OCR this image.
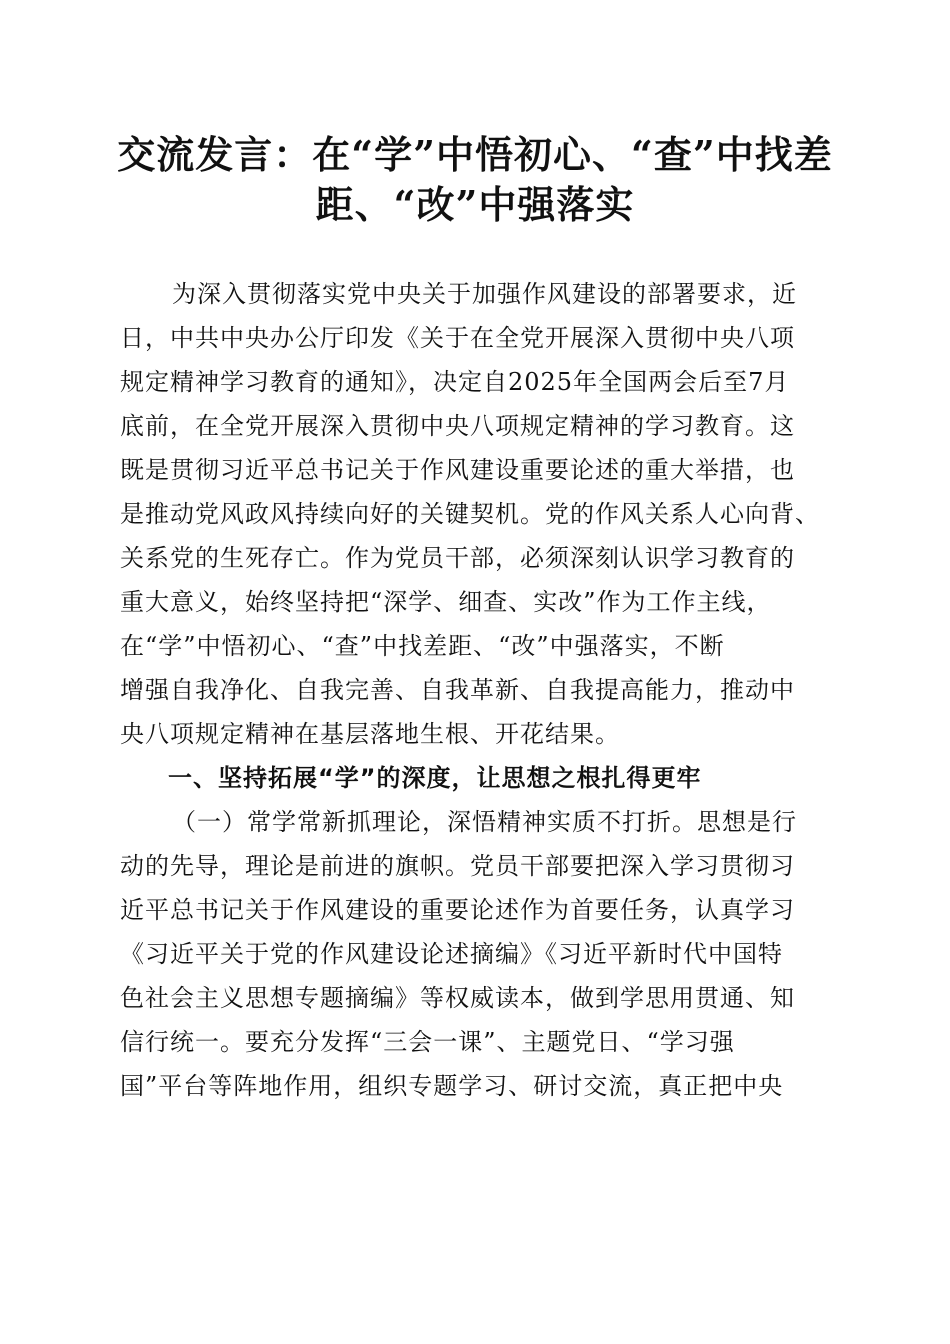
交流发言：在“学”中悟初心、“查”中找差
距、“改”中强落实
为深入贯彻落实党中央关于加强作风建设的部署要求，近
日，中共中央办公厅印发《关于在全党开展深入贯彻中央八项
规定精神学习教育的通知》，决定自2025年全国两会后至7月
底前，在全党开展深入贯彻中央八项规定精神的学习教育。这
既是贯彻习近平总书记关于作风建设重要论述的重大举措，也
是推动党风政风持续向好的关键契机。党的作风关系人心向背、
关系党的生死存亡。作为党员干部，必须深刻认识学习教育的
重大意义，始终坚持把“深学、细查、实改”作为工作主线，
在“学”中悟初心、“查”中找差距、“改”中强落实，不断
增强自我净化、自我完善、自我革新、自我提高能力，推动中
央八项规定精神在基层落地生根、开花结果。
一、坚持拓展“学”的深度，让思想之根扎得更牢
（一）常学常新抓理论，深悟精神实质不打折。思想是行
动的先导，理论是前进的旗帜。党员干部要把深入学习贯彻习
近平总书记关于作风建设的重要论述作为首要任务，认真学习
《习近平关于党的作风建设论述摘编》《习近平新时代中国特
色社会主义思想专题摘编》等权威读本，做到学思用贯通、知
信行统一。要充分发挥“三会一课”、主题党日、“学习强
国”平台等阵地作用，组织专题学习、研讨交流，真正把中央
